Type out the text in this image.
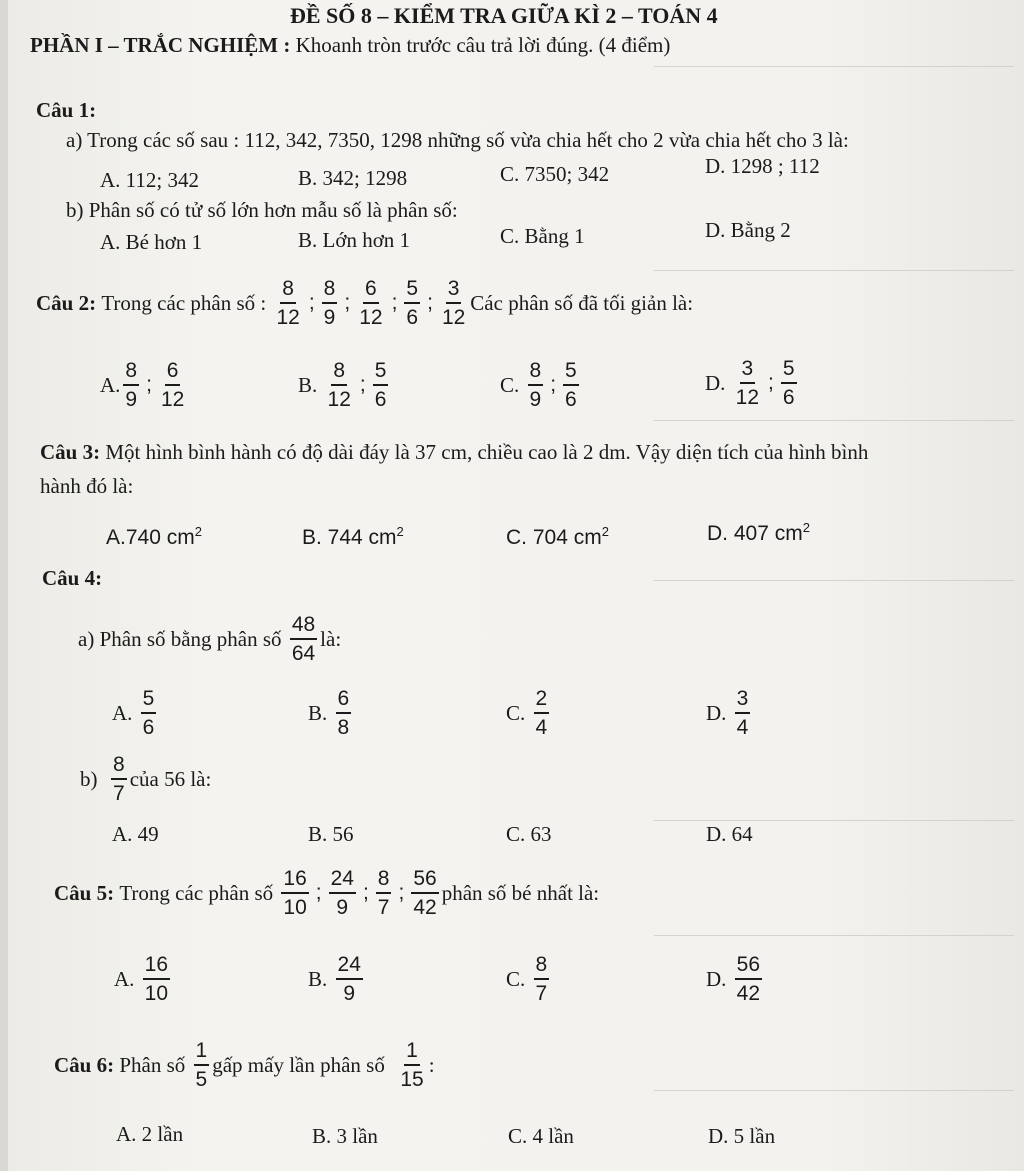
ĐỀ SỐ 8 – KIỂM TRA GIỮA KÌ 2 – TOÁN 4
PHẦN I – TRẮC NGHIỆM : Khoanh tròn trước câu trả lời đúng. (4 điểm)
Câu 1:
a) Trong các số sau : 112, 342, 7350, 1298 những số vừa chia hết cho 2 vừa chia hết cho 3 là:
A. 112; 342	B. 342; 1298	C. 7350; 342	D. 1298 ; 112
b) Phân số có tử số lớn hơn mẫu số là phân số:
A. Bé hơn 1	B. Lớn hơn 1	C. Bằng 1	D. Bằng 2
Câu 2:
Trong các phân số :
$\frac{8}{12}$ ; $\frac{8}{9}$ ; $\frac{6}{12}$ ; $\frac{5}{6}$ ; $\frac{3}{12}$ Các phân số đã tối giản là:
A. $\frac{8}{9}$ ; $\frac{6}{12}$	B.
$\frac{8}{12}$ ; $\frac{5}{6}$	C.
$\frac{8}{9}$ ; $\frac{5}{6}$	D.
$\frac{3}{12}$ ; $\frac{5}{6}$
Câu 3: Một hình bình hành có độ dài đáy là 37 cm, chiều cao là 2 dm. Vậy diện tích của hình bình
hành đó là:
A.740 $cm^2$	B. 744 $cm^2$	C. 704 $cm^2$	D. 407 $cm^2$
Câu 4:
a) Phân số bằng phân số
$\frac{48}{64}$ là:
A.
$\frac{5}{6}$	B.
$\frac{6}{8}$	C.
$\frac{2}{4}$	D.
$\frac{3}{4}$
b)
$\frac{8}{7}$ của 56 là:
A. 49	B. 56	C. 63	D. 64
Câu 5:
Trong các phân số
$\frac{16}{10}$ ; $\frac{24}{9}$ ; $\frac{8}{7}$ ; $\frac{56}{42}$ phân số bé nhất là:
A.
$\frac{16}{10}$	B.
$\frac{24}{9}$	C.
$\frac{8}{7}$	D.
$\frac{56}{42}$
Câu 6:
Phân số
$\frac{1}{5}$ gấp mấy lần phân số
$\frac{1}{15}$ :
A. 2 lần	B. 3 lần	C. 4 lần	D. 5 lần
